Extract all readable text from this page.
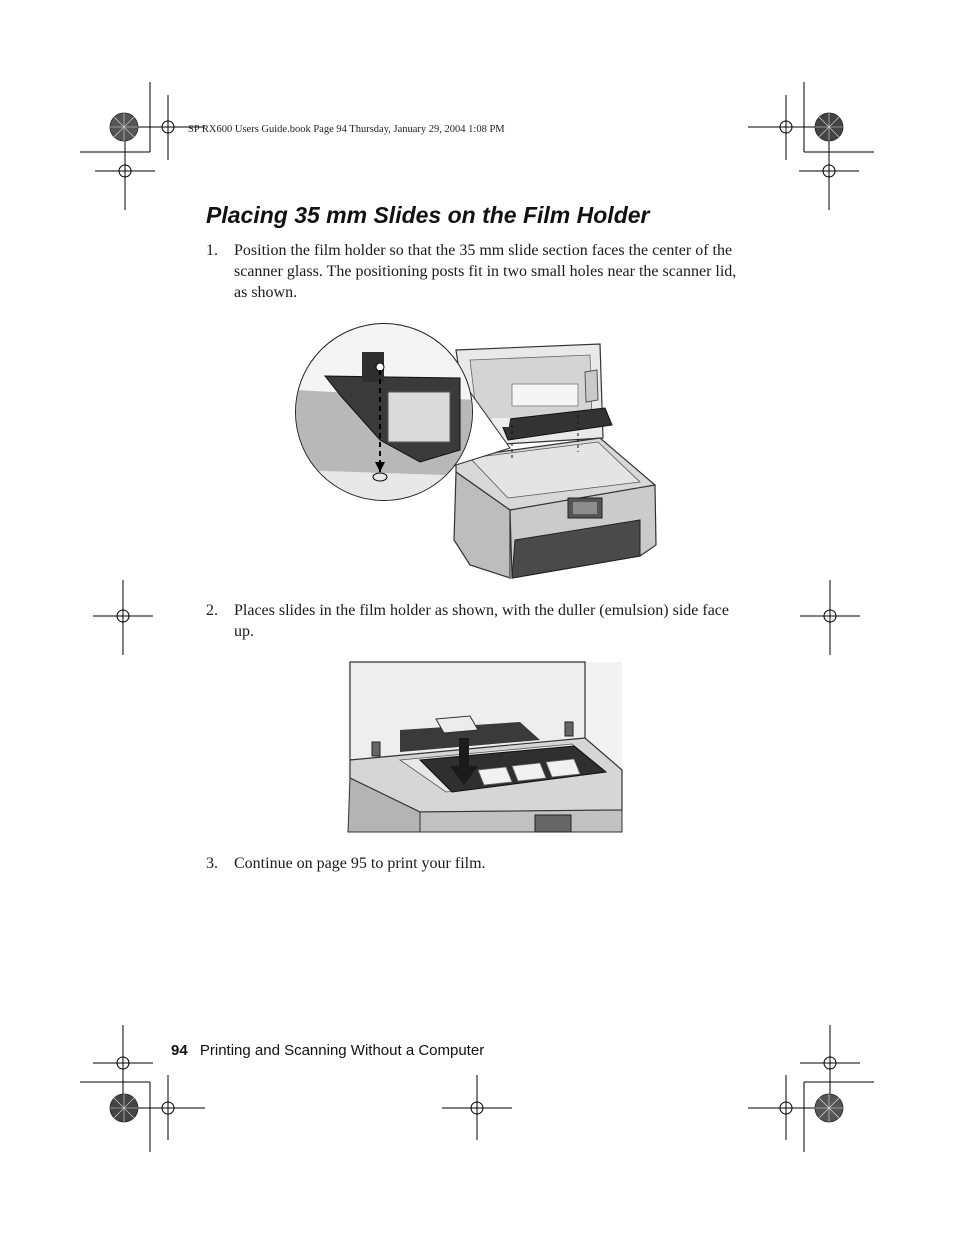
SP RX600 Users Guide.book Page 94 Thursday, January 29, 2004 1:08 PM
Placing 35 mm Slides on the Film Holder
1. Position the film holder so that the 35 mm slide section faces the center of the scanner glass. The positioning posts fit in two small holes near the scanner lid, as shown.
2. Places slides in the film holder as shown, with the duller (emulsion) side face up.
3. Continue on page 95 to print your film.
94 Printing and Scanning Without a Computer
